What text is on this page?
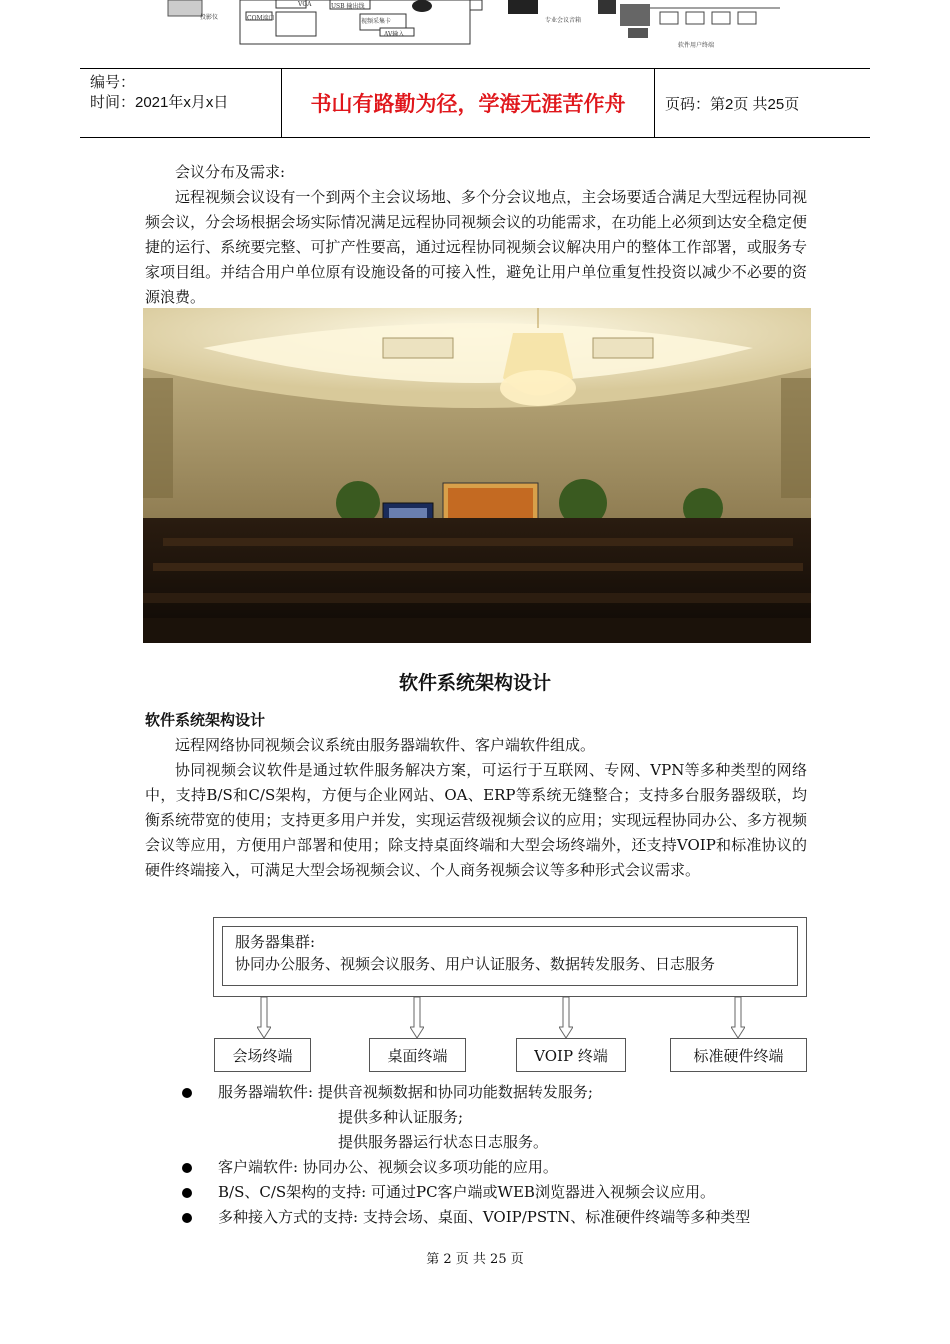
投影仪	COM端口
USB 输出线
视频采集卡
VGA
AV输入
专业会议音箱
软件用户终端
编号：
时间：2021年x月x日	书山有路勤为径，学海无涯苦作舟	页码：第2页 共25页
会议分布及需求:
远程视频会议设有一个到两个主会议场地、多个分会议地点，主会场要适合满足大型远程协同视频会议，分会场根据会场实际情况满足远程协同视频会议的功能需求，在功能上必须到达安全稳定便捷的运行、系统要完整、可扩产性要高，通过远程协同视频会议解决用户的整体工作部署，或服务专家项目组。并结合用户单位原有设施设备的可接入性，避免让用户单位重复性投资以减少不必要的资源浪费。
软件系统架构设计
软件系统架构设计
远程网络协同视频会议系统由服务器端软件、客户端软件组成。
协同视频会议软件是通过软件服务解决方案，可运行于互联网、专网、VPN等多种类型的网络中，支持B/S和C/S架构，方便与企业网站、OA、ERP等系统无缝整合；支持多台服务器级联，均衡系统带宽的使用；支持更多用户并发，实现运营级视频会议的应用；实现远程协同办公、多方视频会议等应用，方便用户部署和使用；除支持桌面终端和大型会场终端外，还支持VOIP和标准协议的硬件终端接入，可满足大型会场视频会议、个人商务视频会议等多种形式会议需求。
服务器集群:
协同办公服务、视频会议服务、用户认证服务、数据转发服务、日志服务
会场终端	桌面终端	VOIP 终端	标准硬件终端
服务器端软件: 提供音视频数据和协同功能数据转发服务;
提供多种认证服务;
提供服务器运行状态日志服务。
客户端软件: 协同办公、视频会议多项功能的应用。
B/S、C/S架构的支持: 可通过PC客户端或WEB浏览器进入视频会议应用。
多种接入方式的支持: 支持会场、桌面、VOIP/PSTN、标准硬件终端等多种类型
第 2 页 共 25 页
